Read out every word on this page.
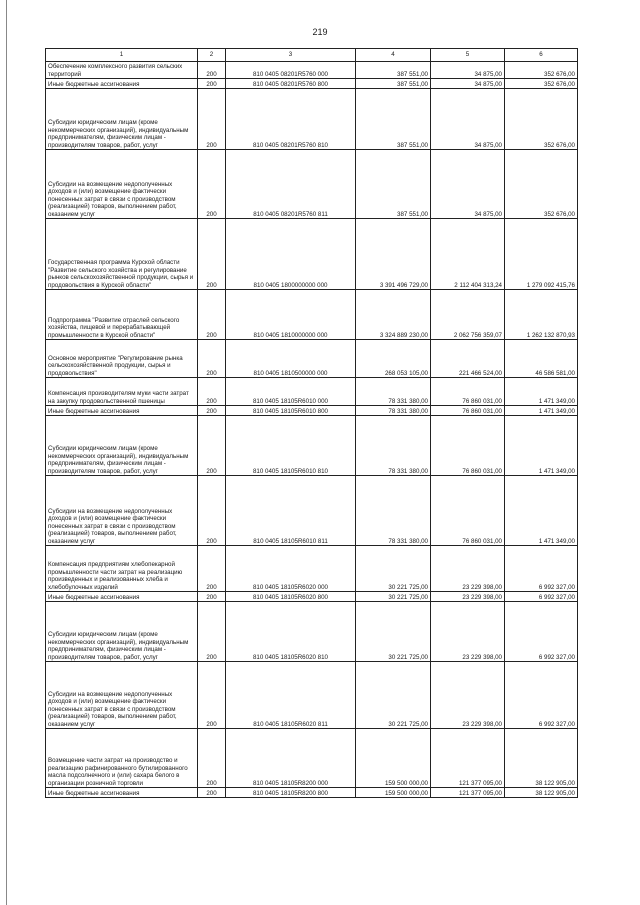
219
1	2	3	4	5	6
Обеспечение комплексного развития сельских территорий	200	810 0405 08201R5760 000	387 551,00	34 875,00	352 676,00
Иные бюджетные ассигнования	200	810 0405 08201R5760 800	387 551,00	34 875,00	352 676,00
Субсидии юридическим лицам (кроме некоммерческих организаций), индивидуальным предпринимателям, физическим лицам - производителям товаров, работ, услуг	200	810 0405 08201R5760 810	387 551,00	34 875,00	352 676,00
Субсидии на возмещение недополученных доходов и (или) возмещение фактически понесенных затрат в связи с производством (реализацией) товаров, выполнением работ, оказанием услуг	200	810 0405 08201R5760 811	387 551,00	34 875,00	352 676,00
Государственная программа Курской области "Развитие сельского хозяйства и регулирование рынков сельскохозяйственной продукции, сырья и продовольствия в Курской области"	200	810 0405 1800000000 000	3 391 496 729,00	2 112 404 313,24	1 279 092 415,76
Подпрограмма "Развитие отраслей сельского хозяйства, пищевой и перерабатывающей промышленности в Курской области"	200	810 0405 1810000000 000	3 324 889 230,00	2 062 756 359,07	1 262 132 870,93
Основное мероприятие "Регулирование рынка сельскохозяйственной продукции, сырья и продовольствия"	200	810 0405 1810500000 000	268 053 105,00	221 466 524,00	46 586 581,00
Компенсация производителям муки части затрат на закупку продовольственной пшеницы	200	810 0405 18105R6010 000	78 331 380,00	76 860 031,00	1 471 349,00
Иные бюджетные ассигнования	200	810 0405 18105R6010 800	78 331 380,00	76 860 031,00	1 471 349,00
Субсидии юридическим лицам (кроме некоммерческих организаций), индивидуальным предпринимателям, физическим лицам - производителям товаров, работ, услуг	200	810 0405 18105R6010 810	78 331 380,00	76 860 031,00	1 471 349,00
Субсидии на возмещение недополученных доходов и (или) возмещение фактически понесенных затрат в связи с производством (реализацией) товаров, выполнением работ, оказанием услуг	200	810 0405 18105R6010 811	78 331 380,00	76 860 031,00	1 471 349,00
Компенсация предприятиям хлебопекарной промышленности части затрат на реализацию произведенных и реализованных хлеба и хлебобулочных изделий	200	810 0405 18105R6020 000	30 221 725,00	23 229 398,00	6 992 327,00
Иные бюджетные ассигнования	200	810 0405 18105R6020 800	30 221 725,00	23 229 398,00	6 992 327,00
Субсидии юридическим лицам (кроме некоммерческих организаций), индивидуальным предпринимателям, физическим лицам - производителям товаров, работ, услуг	200	810 0405 18105R6020 810	30 221 725,00	23 229 398,00	6 992 327,00
Субсидии на возмещение недополученных доходов и (или) возмещение фактически понесенных затрат в связи с производством (реализацией) товаров, выполнением работ, оказанием услуг	200	810 0405 18105R6020 811	30 221 725,00	23 229 398,00	6 992 327,00
Возмещение части затрат на производство и реализацию рафинированного бутилированного масла подсолнечного и (или) сахара белого в организации розничной торговли	200	810 0405 18105R8200 000	159 500 000,00	121 377 095,00	38 122 905,00
Иные бюджетные ассигнования	200	810 0405 18105R8200 800	159 500 000,00	121 377 095,00	38 122 905,00
